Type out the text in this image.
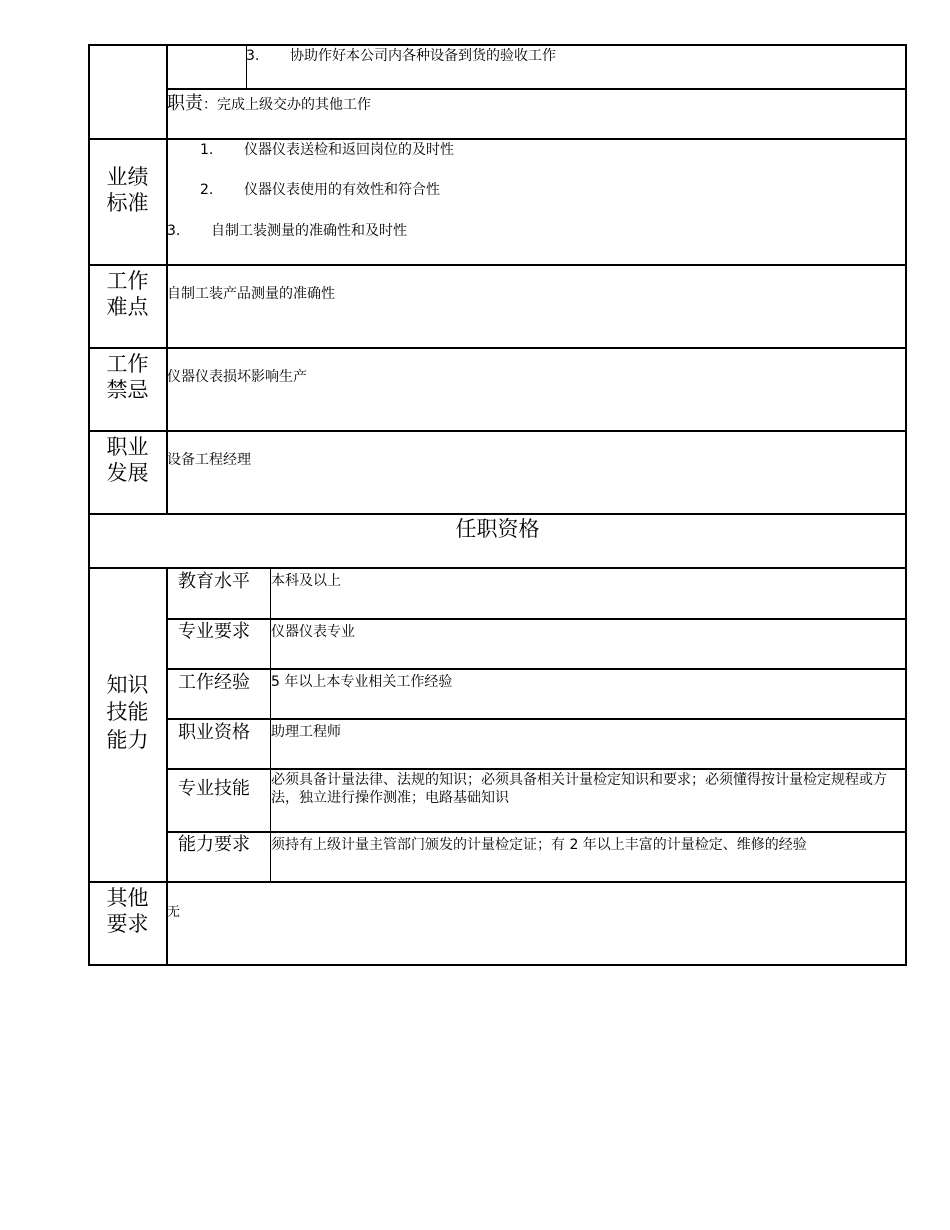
3. 协助作好本公司内各种设备到货的验收工作
职责：完成上级交办的其他工作
业绩
标准
1. 仪器仪表送检和返回岗位的及时性
2. 仪器仪表使用的有效性和符合性
3. 自制工装测量的准确性和及时性
工作
难点
自制工装产品测量的准确性
工作
禁忌
仪器仪表损坏影响生产
职业
发展
设备工程经理
任职资格
知识
技能
能力
教育水平 本科及以上
专业要求 仪器仪表专业
工作经验 5 年以上本专业相关工作经验
职业资格 助理工程师
专业技能 必须具备计量法律、法规的知识；必须具备相关计量检定知识和要求；必须懂得按计量检定规程或方法，独立进行操作测准；电路基础知识
能力要求 须持有上级计量主管部门颁发的计量检定证；有 2 年以上丰富的计量检定、维修的经验
其他
要求	无
